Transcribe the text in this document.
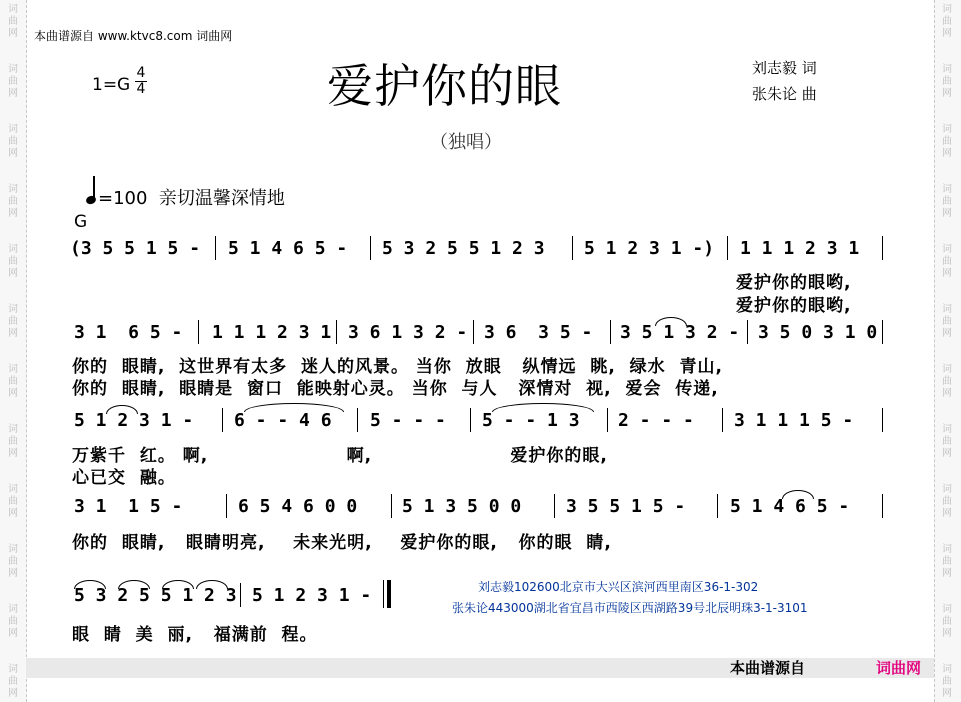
本曲谱源自 www.ktvc8.com 词曲网
1=G
4
4	爱护你的眼	刘志毅 词
张朱论 曲
（独唱）
=100  亲切温馨深情地
G
(3 5 5 1 5 - 5 1 4 6 5 - 5 3 2 5 5 1 2 3 5 1 2 3 1 -) 1 1 1 2 3 1
爱护你的眼哟,
爱护你的眼哟,
3 1  6 5 - 1 1 1 2 3 1 3 6 1 3 2 - 3 6  3 5 - 3 5 1 3 2 - 3 5 0 3 1 0
你的  眼睛,  这世界有太多  迷人的风景。 当你  放眼   纵情远  眺,  绿水  青山,
你的  眼睛,  眼睛是  窗口  能映射心灵。 当你  与人   深情对  视,  爱会  传递,
5 1 2 3 1 - 6 - - 4 6 5 - - - 5 - - 1 3 2 - - - 3 1 1 1 5 -
万紫千  红。 啊,                    啊,                    爱护你的眼,
心已交  融。
3 1  1 5 -	6 5 4 6 0 0 5 1 3 5 0 0 3 5 5 1 5 - 5 1 4 6 5 -
你的  眼睛,   眼睛明亮,    未来光明,    爱护你的眼,   你的眼  睛,
5 3 2 5 5 1 2 3 5 1 2 3 1 -
眼  睛  美  丽,   福满前  程。
刘志毅102600北京市大兴区滨河西里南区36-1-302
张朱论443000湖北省宜昌市西陵区西湖路39号北辰明珠3-1-3101
本曲谱源自	词曲网
词
曲
网
词
曲
网
词
曲
网
词
曲
网
词
曲
网
词
曲
网
词
曲
网
词
曲
网
词
曲
网
词
曲
网
词
曲
网
词
曲
网
词
曲
网
词
曲
网
词
曲
网
词
曲
网
词
曲
网
词
曲
网
词
曲
网
词
曲
网
词
曲
网
词
曲
网
词
曲
网
词
曲
网
